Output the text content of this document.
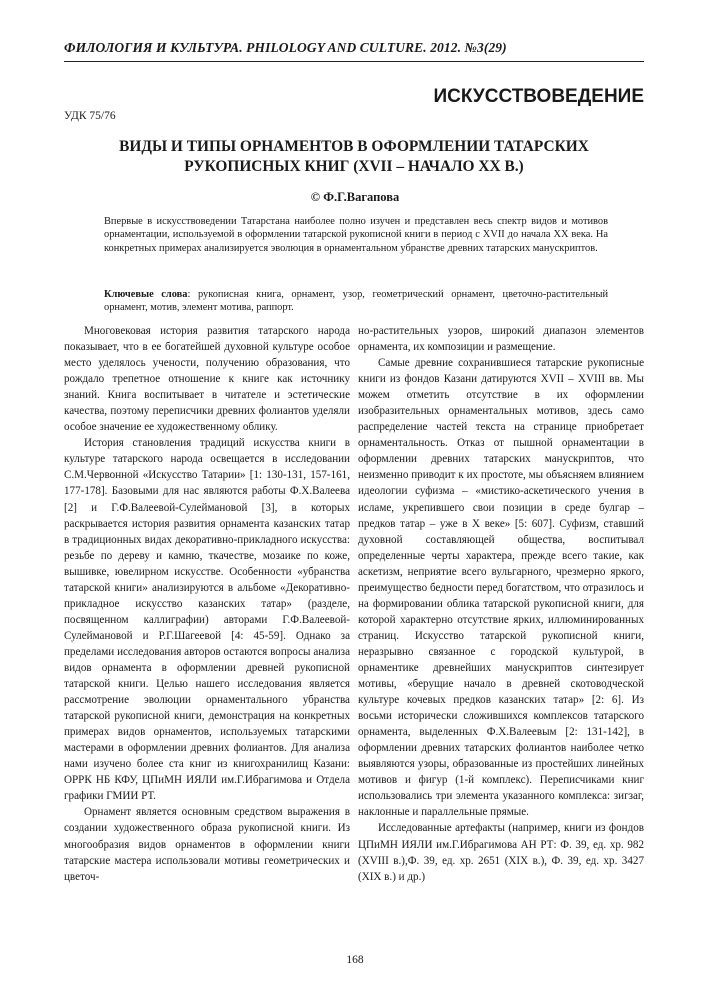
ФИЛОЛОГИЯ И КУЛЬТУРА. PHILOLOGY AND CULTURE. 2012. №3(29)
ИСКУССТВОВЕДЕНИЕ
УДК 75/76
ВИДЫ И ТИПЫ ОРНАМЕНТОВ В ОФОРМЛЕНИИ ТАТАРСКИХ
РУКОПИСНЫХ КНИГ (XVII – НАЧАЛО XX В.)
© Ф.Г.Вагапова
Впервые в искусствоведении Татарстана наиболее полно изучен и представлен весь спектр видов и мотивов орнаментации, используемой в оформлении татарской рукописной книги в период с XVII до начала XX века. На конкретных примерах анализируется эволюция в орнаментальном убранстве древних татарских манускриптов.
Ключевые слова: рукописная книга, орнамент, узор, геометрический орнамент, цветочно-растительный орнамент, мотив, элемент мотива, раппорт.

Многовековая история развития татарского народа показывает, что в ее богатейшей духовной культуре особое место уделялось учености, получению образования, что рождало трепетное отношение к книге как источнику знаний. Книга воспитывает в читателе и эстетические качества, поэтому переписчики древних фолиантов уделяли особое значение ее художественному облику.

История становления традиций искусства книги в культуре татарского народа освещается в исследовании С.М.Червонной «Искусство Татарии» [1: 130-131, 157-161, 177-178]. Базовыми для нас являются работы Ф.Х.Валеева [2] и Г.Ф.Валеевой-Сулеймановой [3], в которых раскрывается история развития орнамента казанских татар в традиционных видах декоративно-прикладного искусства: резьбе по дереву и камню, ткачестве, мозаике по коже, вышивке, ювелирном искусстве. Особенности «убранства татарской книги» анализируются в альбоме «Декоративно-прикладное искусство казанских татар» (разделе, посвященном каллиграфии) авторами Г.Ф.Валеевой-Сулеймановой и Р.Г.Шагеевой [4: 45-59]. Однако за пределами исследования авторов остаются вопросы анализа видов орнамента в оформлении древней рукописной татарской книги. Целью нашего исследования является рассмотрение эволюции орнаментального убранства татарской рукописной книги, демонстрация на конкретных примерах видов орнаментов, используемых татарскими мастерами в оформлении древних фолиантов. Для анализа нами изучено более ста книг из книгохранилищ Казани: ОРРК НБ КФУ, ЦПиМН ИЯЛИ им.Г.Ибрагимова и Отдела графики ГМИИ РТ.

Орнамент является основным средством выражения в создании художественного образа рукописной книги. Из многообразия видов орнаментов в оформлении книги татарские мастера использовали мотивы геометрических и цветоч-

но-растительных узоров, широкий диапазон элементов орнамента, их композиции и размещение.

Самые древние сохранившиеся татарские рукописные книги из фондов Казани датируются XVII – XVIII вв. Мы можем отметить отсутствие в их оформлении изобразительных орнаментальных мотивов, здесь само распределение частей текста на странице приобретает орнаментальность. Отказ от пышной орнаментации в оформлении древних татарских манускриптов, что неизменно приводит к их простоте, мы объясняем влиянием идеологии суфизма – «мистико-аскетического учения в исламе, укрепившего свои позиции в среде булгар – предков татар – уже в X веке» [5: 607]. Суфизм, ставший духовной составляющей общества, воспитывал определенные черты характера, прежде всего такие, как аскетизм, неприятие всего вульгарного, чрезмерно яркого, преимущество бедности перед богатством, что отразилось и на формировании облика татарской рукописной книги, для которой характерно отсутствие ярких, иллюминированных страниц. Искусство татарской рукописной книги, неразрывно связанное с городской культурой, в орнаментике древнейших манускриптов синтезирует мотивы, «берущие начало в древней скотоводческой культуре кочевых предков казанских татар» [2: 6]. Из восьми исторически сложившихся комплексов татарского орнамента, выделенных Ф.Х.Валеевым [2: 131-142], в оформлении древних татарских фолиантов наиболее четко выявляются узоры, образованные из простейших линейных мотивов и фигур (1-й комплекс). Переписчиками книг использовались три элемента указанного комплекса: зигзаг, наклонные и параллельные прямые.

Исследованные артефакты (например, книги из фондов ЦПиМН ИЯЛИ им.Г.Ибрагимова АН РТ: Ф. 39, ед. хр. 982 (XVIII в.),Ф. 39, ед. хр. 2651 (XIX в.), Ф. 39, ед. хр. 3427 (XIX в.) и др.)

168
